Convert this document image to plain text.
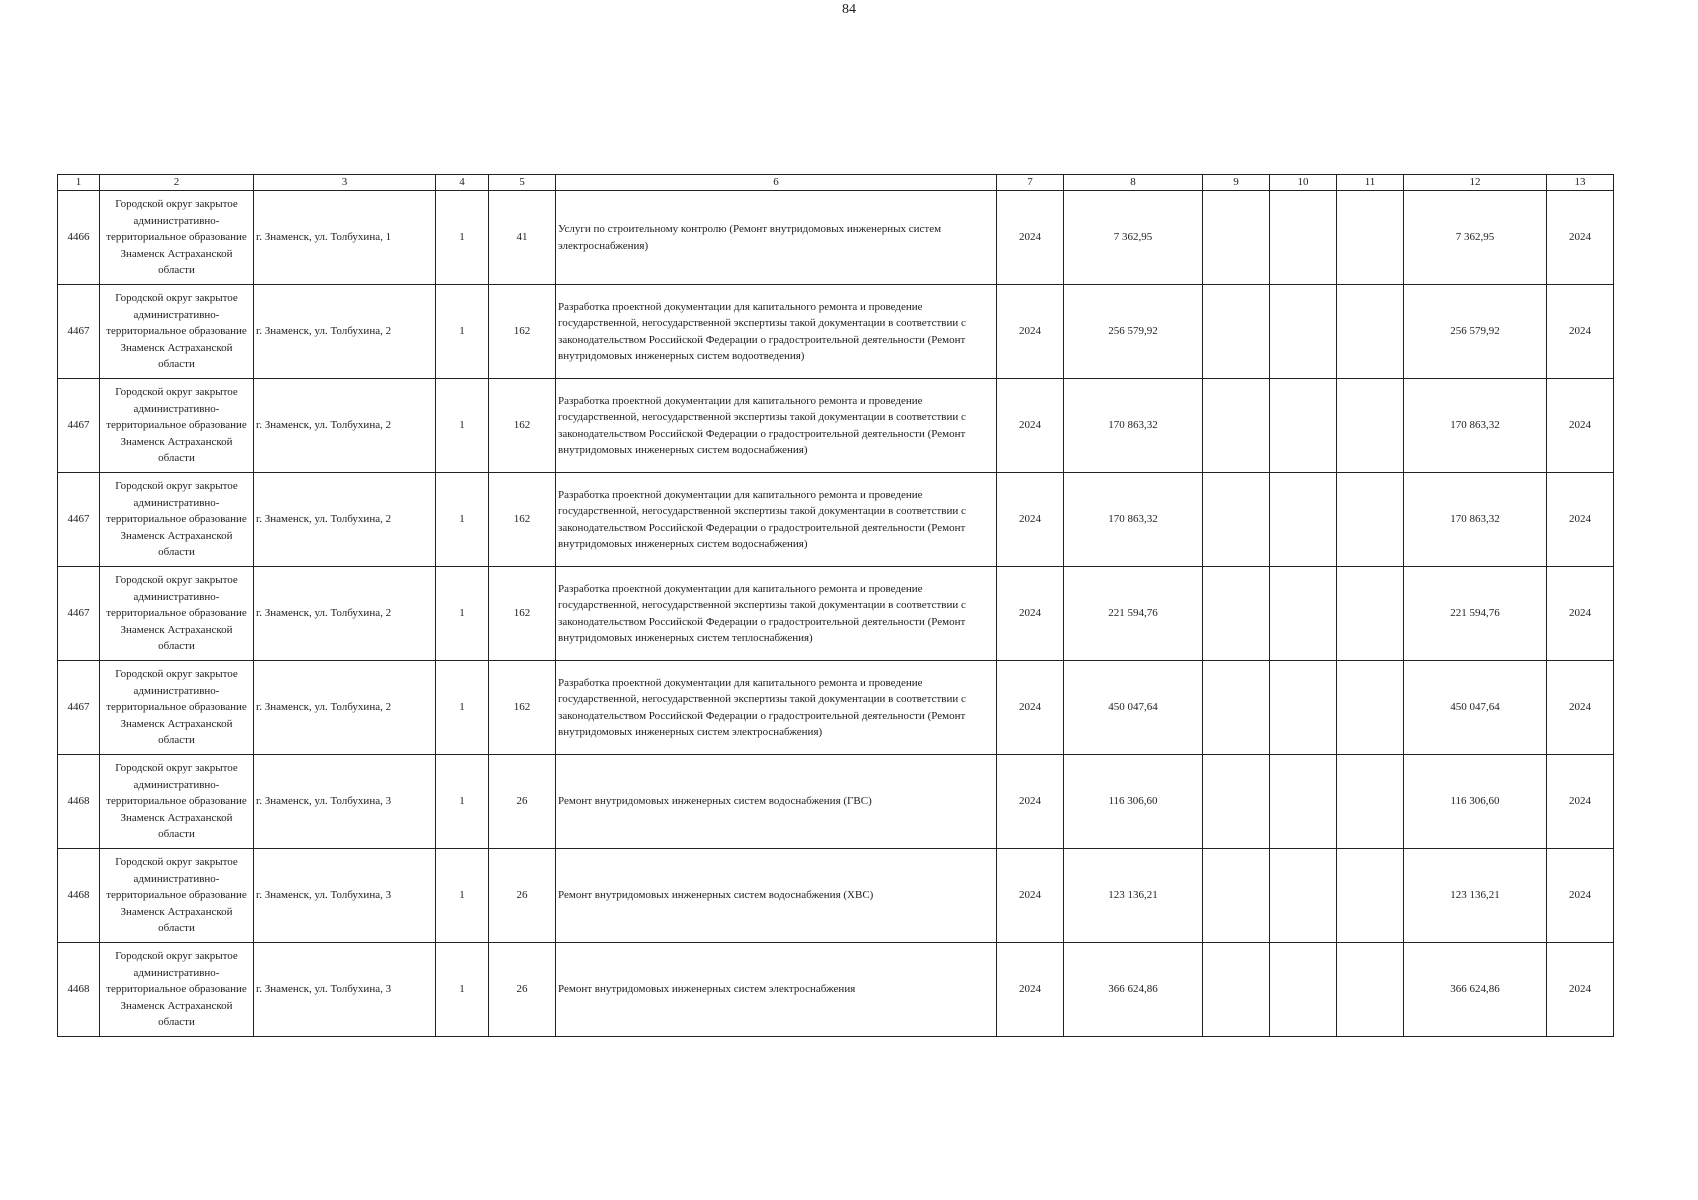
84
1	2	3	4	5	6	7	8	9	10	11	12	13
4466	Городской округ закрытое административно-территориальное образование Знаменск Астраханской области	г. Знаменск, ул. Толбухина, 1	1	41	Услуги по строительному контролю (Ремонт внутридомовых инженерных систем электроснабжения)	2024	7 362,95				7 362,95	2024
4467	Городской округ закрытое административно-территориальное образование Знаменск Астраханской области	г. Знаменск, ул. Толбухина, 2	1	162	Разработка проектной документации для капитального ремонта и проведение государственной, негосударственной экспертизы такой документации в соответствии с законодательством Российской Федерации о градостроительной деятельности (Ремонт внутридомовых инженерных систем водоотведения)	2024	256 579,92				256 579,92	2024
4467	Городской округ закрытое административно-территориальное образование Знаменск Астраханской области	г. Знаменск, ул. Толбухина, 2	1	162	Разработка проектной документации для капитального ремонта и проведение государственной, негосударственной экспертизы такой документации в соответствии с законодательством Российской Федерации о градостроительной деятельности (Ремонт внутридомовых инженерных систем водоснабжения)	2024	170 863,32				170 863,32	2024
4467	Городской округ закрытое административно-территориальное образование Знаменск Астраханской области	г. Знаменск, ул. Толбухина, 2	1	162	Разработка проектной документации для капитального ремонта и проведение государственной, негосударственной экспертизы такой документации в соответствии с законодательством Российской Федерации о градостроительной деятельности (Ремонт внутридомовых инженерных систем водоснабжения)	2024	170 863,32				170 863,32	2024
4467	Городской округ закрытое административно-территориальное образование Знаменск Астраханской области	г. Знаменск, ул. Толбухина, 2	1	162	Разработка проектной документации для капитального ремонта и проведение государственной, негосударственной экспертизы такой документации в соответствии с законодательством Российской Федерации о градостроительной деятельности (Ремонт внутридомовых инженерных систем теплоснабжения)	2024	221 594,76				221 594,76	2024
4467	Городской округ закрытое административно-территориальное образование Знаменск Астраханской области	г. Знаменск, ул. Толбухина, 2	1	162	Разработка проектной документации для капитального ремонта и проведение государственной, негосударственной экспертизы такой документации в соответствии с законодательством Российской Федерации о градостроительной деятельности (Ремонт внутридомовых инженерных систем электроснабжения)	2024	450 047,64				450 047,64	2024
4468	Городской округ закрытое административно-территориальное образование Знаменск Астраханской области	г. Знаменск, ул. Толбухина, 3	1	26	Ремонт внутридомовых инженерных систем водоснабжения (ГВС)	2024	116 306,60				116 306,60	2024
4468	Городской округ закрытое административно-территориальное образование Знаменск Астраханской области	г. Знаменск, ул. Толбухина, 3	1	26	Ремонт внутридомовых инженерных систем водоснабжения (ХВС)	2024	123 136,21				123 136,21	2024
4468	Городской округ закрытое административно-территориальное образование Знаменск Астраханской области	г. Знаменск, ул. Толбухина, 3	1	26	Ремонт внутридомовых инженерных систем электроснабжения	2024	366 624,86				366 624,86	2024
